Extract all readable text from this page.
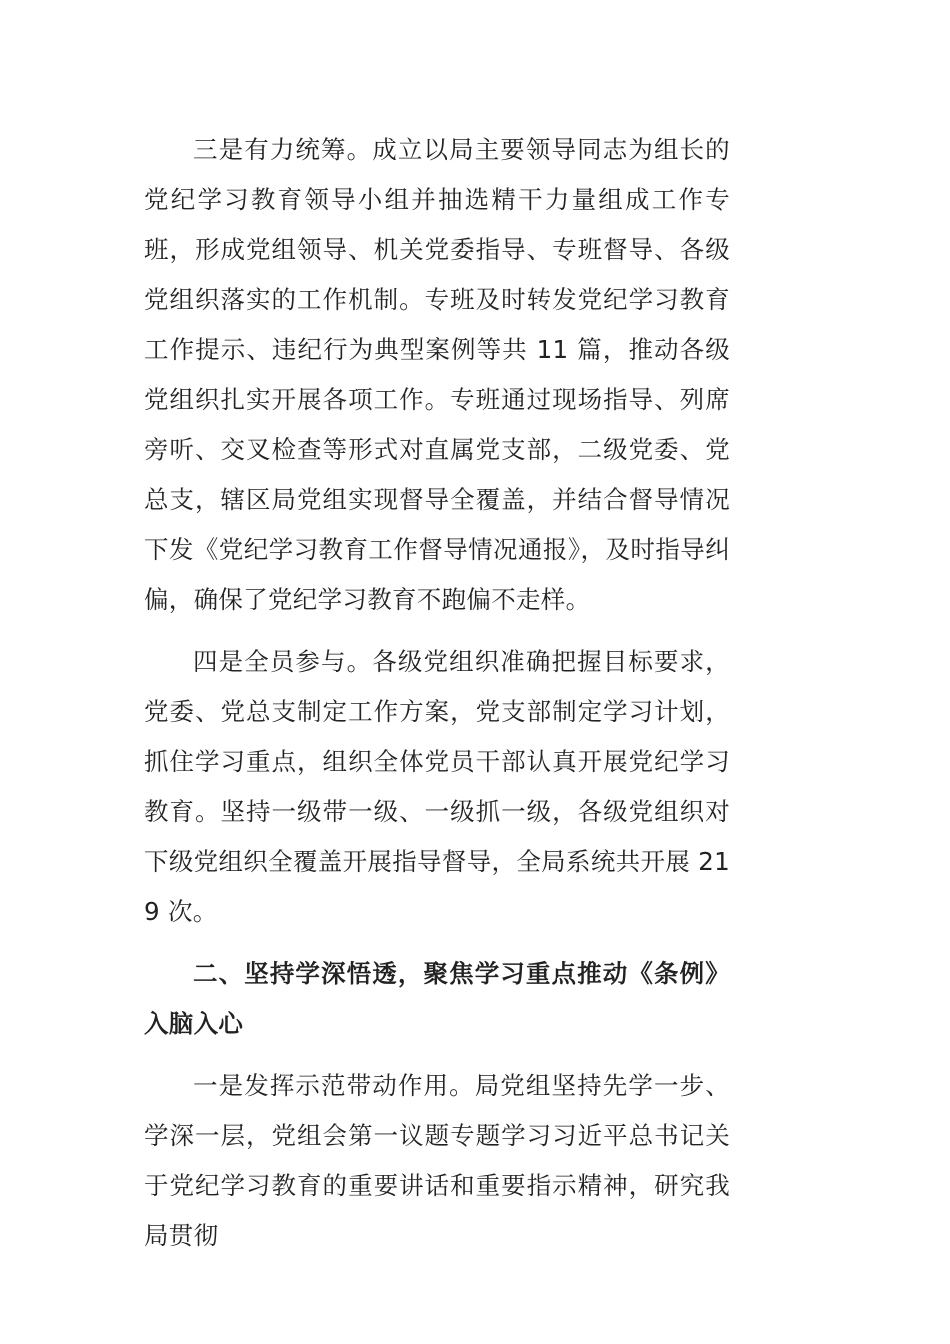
三是有力统筹。成立以局主要领导同志为组长的党纪学习教育领导小组并抽选精干力量组成工作专班，形成党组领导、机关党委指导、专班督导、各级党组织落实的工作机制。专班及时转发党纪学习教育工作提示、违纪行为典型案例等共 11 篇，推动各级党组织扎实开展各项工作。专班通过现场指导、列席旁听、交叉检查等形式对直属党支部，二级党委、党总支，辖区局党组实现督导全覆盖，并结合督导情况下发《党纪学习教育工作督导情况通报》，及时指导纠偏，确保了党纪学习教育不跑偏不走样。

四是全员参与。各级党组织准确把握目标要求，党委、党总支制定工作方案，党支部制定学习计划，抓住学习重点，组织全体党员干部认真开展党纪学习教育。坚持一级带一级、一级抓一级，各级党组织对下级党组织全覆盖开展指导督导，全局系统共开展 219 次。

二、坚持学深悟透，聚焦学习重点推动《条例》入脑入心

一是发挥示范带动作用。局党组坚持先学一步、学深一层，党组会第一议题专题学习习近平总书记关于党纪学习教育的重要讲话和重要指示精神，研究我局贯彻
